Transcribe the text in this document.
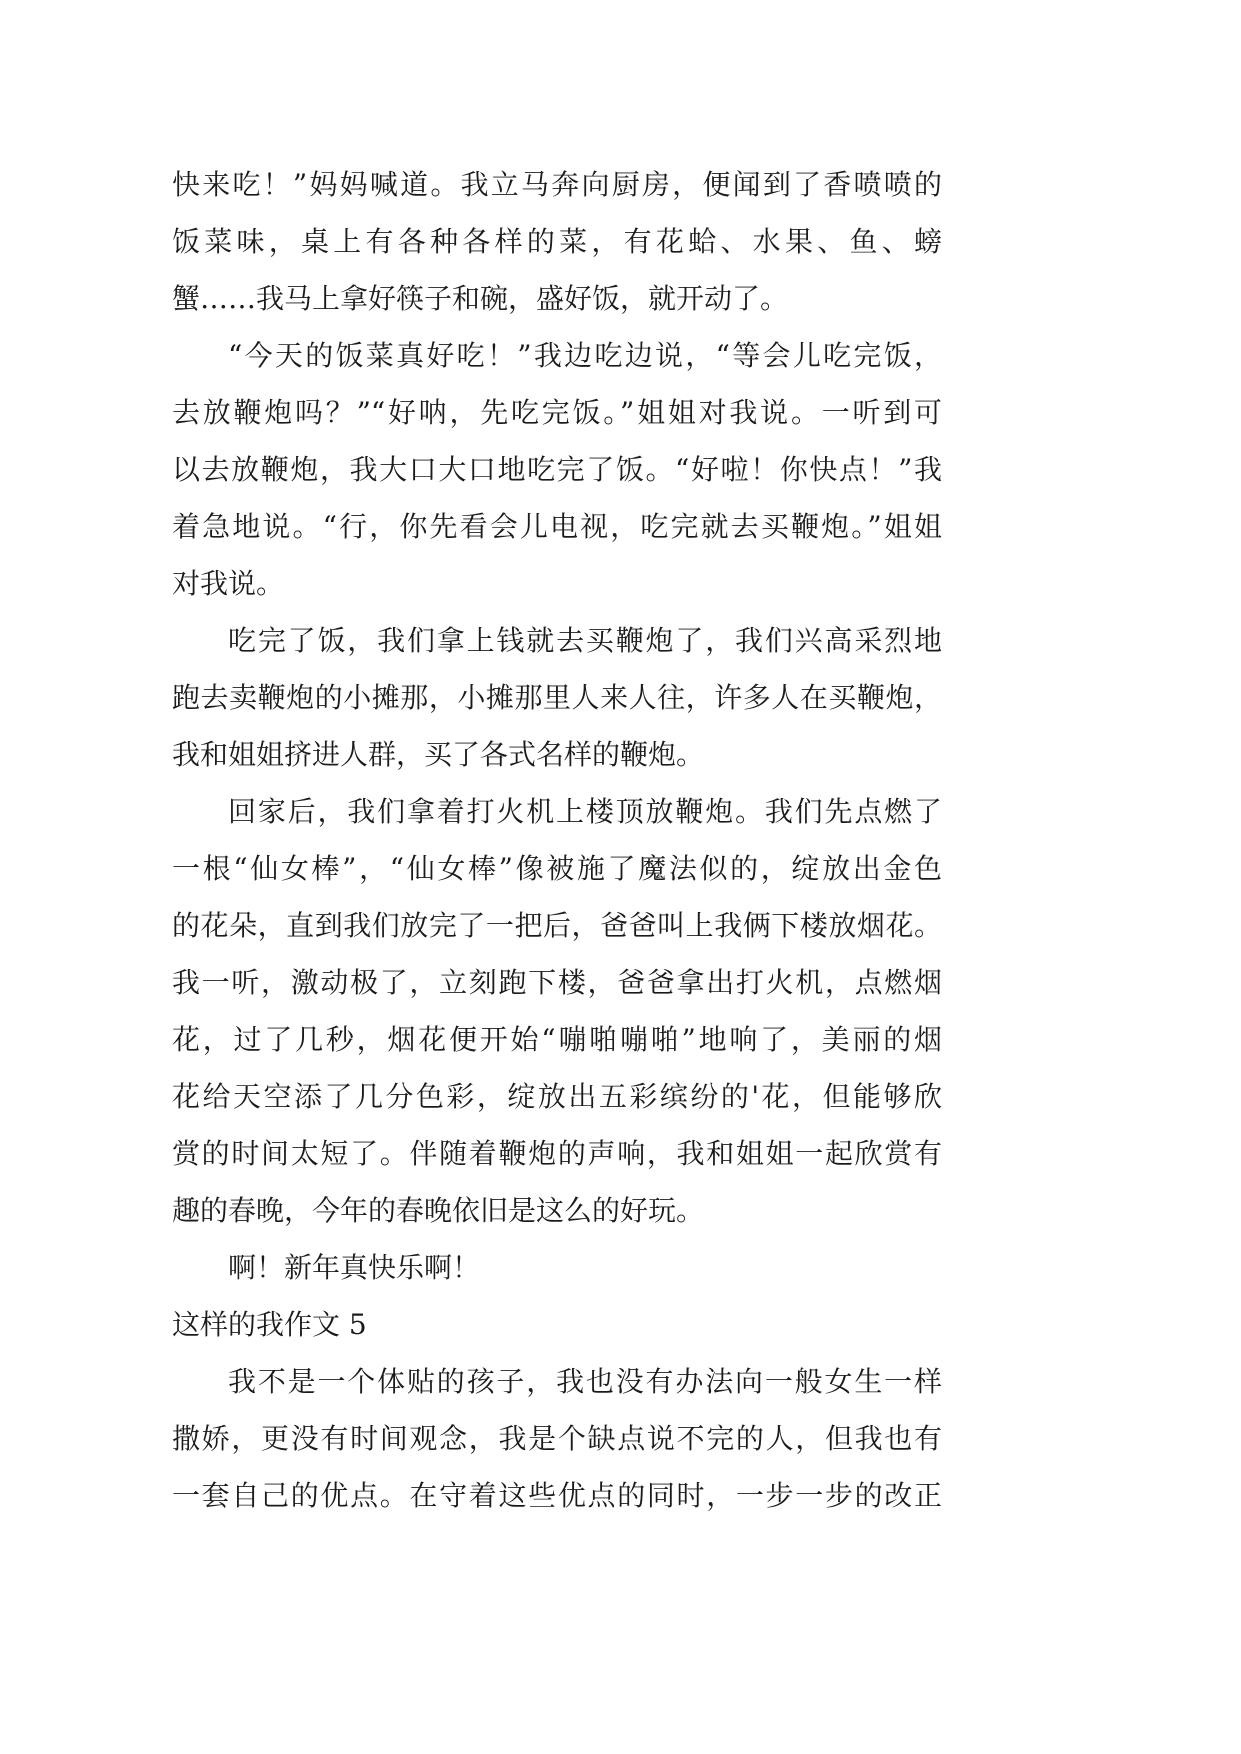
快来吃！”妈妈喊道。我立马奔向厨房，便闻到了香喷喷的
饭菜味，桌上有各种各样的菜，有花蛤、水果、鱼、螃
蟹……我马上拿好筷子和碗，盛好饭，就开动了。
“今天的饭菜真好吃！”我边吃边说，“等会儿吃完饭，
去放鞭炮吗？”“好呐，先吃完饭。”姐姐对我说。一听到可
以去放鞭炮，我大口大口地吃完了饭。“好啦！你快点！”我
着急地说。“行，你先看会儿电视，吃完就去买鞭炮。”姐姐
对我说。
吃完了饭，我们拿上钱就去买鞭炮了，我们兴高采烈地
跑去卖鞭炮的小摊那，小摊那里人来人往，许多人在买鞭炮，
我和姐姐挤进人群，买了各式名样的鞭炮。
回家后，我们拿着打火机上楼顶放鞭炮。我们先点燃了
一根“仙女棒”，“仙女棒”像被施了魔法似的，绽放出金色
的花朵，直到我们放完了一把后，爸爸叫上我俩下楼放烟花。
我一听，激动极了，立刻跑下楼，爸爸拿出打火机，点燃烟
花，过了几秒，烟花便开始“嘣啪嘣啪”地响了，美丽的烟
花给天空添了几分色彩，绽放出五彩缤纷的'花，但能够欣
赏的时间太短了。伴随着鞭炮的声响，我和姐姐一起欣赏有
趣的春晚，今年的春晚依旧是这么的好玩。
啊！新年真快乐啊！
这样的我作文 5
我不是一个体贴的孩子，我也没有办法向一般女生一样
撒娇，更没有时间观念，我是个缺点说不完的人，但我也有
一套自己的优点。在守着这些优点的同时，一步一步的改正
